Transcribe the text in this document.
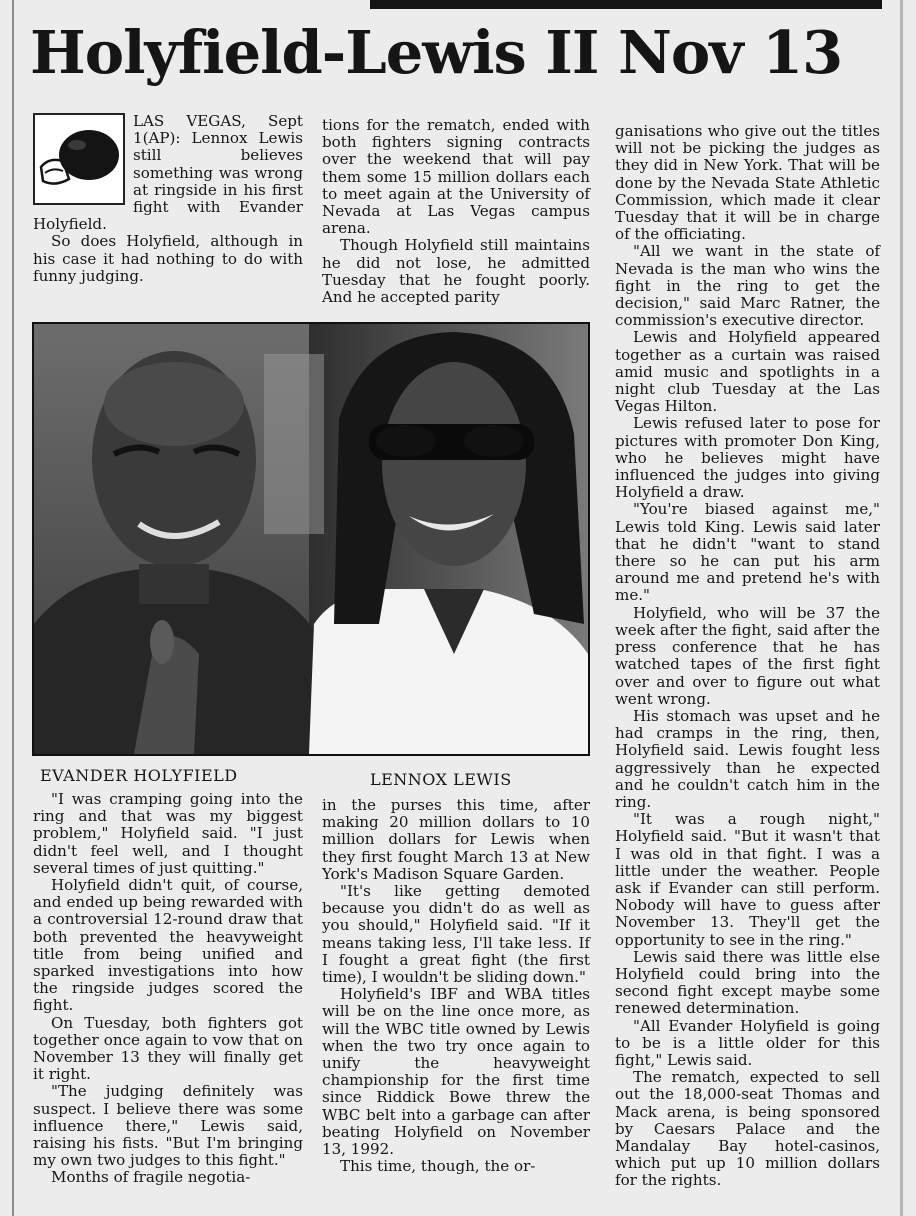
Holyfield-Lewis II Nov 13

LAS VEGAS, Sept 1(AP): Lennox Lewis still believes something was wrong at ringside in his first fight with Evander Holyfield.

So does Holyfield, although in his case it had nothing to do with funny judging.

tions for the rematch, ended with both fighters signing contracts over the weekend that will pay them some 15 million dollars each to meet again at the University of Nevada at Las Vegas campus arena.

Though Holyfield still maintains he did not lose, he admitted Tuesday that he fought poorly. And he accepted parity

ganisations who give out the titles will not be picking the judges as they did in New York. That will be done by the Nevada State Athletic Commission, which made it clear Tuesday that it will be in charge of the officiating.

"All we want in the state of Nevada is the man who wins the fight in the ring to get the decision," said Marc Ratner, the commission's executive director.

Lewis and Holyfield appeared together as a curtain was raised amid music and spotlights in a night club Tuesday at the Las Vegas Hilton.

Lewis refused later to pose for pictures with promoter Don King, who he believes might have influenced the judges into giving Holyfield a draw.

"You're biased against me," Lewis told King. Lewis said later that he didn't "want to stand there so he can put his arm around me and pretend he's with me."

Holyfield, who will be 37 the week after the fight, said after the press conference that he has watched tapes of the first fight over and over to figure out what went wrong.

His stomach was upset and he had cramps in the ring, then, Holyfield said. Lewis fought less aggressively than he expected and he couldn't catch him in the ring.

"It was a rough night," Holyfield said. "But it wasn't that I was old in that fight. I was a little under the weather. People ask if Evander can still perform. Nobody will have to guess after November 13. They'll get the opportunity to see in the ring."

Lewis said there was little else Holyfield could bring into the second fight except maybe some renewed determination.

"All Evander Holyfield is going to be is a little older for this fight," Lewis said.

The rematch, expected to sell out the 18,000-seat Thomas and Mack arena, is being sponsored by Caesars Palace and the Mandalay Bay hotel-casinos, which put up 10 million dollars for the rights.

EVANDER HOLYFIELD	LENNOX LEWIS

"I was cramping going into the ring and that was my biggest problem," Holyfield said. "I just didn't feel well, and I thought several times of just quitting."

Holyfield didn't quit, of course, and ended up being rewarded with a controversial 12-round draw that both prevented the heavyweight title from being unified and sparked investigations into how the ringside judges scored the fight.

On Tuesday, both fighters got together once again to vow that on November 13 they will finally get it right.

"The judging definitely was suspect. I believe there was some influence there," Lewis said, raising his fists. "But I'm bringing my own two judges to this fight."

Months of fragile negotia-

in the purses this time, after making 20 million dollars to 10 million dollars for Lewis when they first fought March 13 at New York's Madison Square Garden.

"It's like getting demoted because you didn't do as well as you should," Holyfield said. "If it means taking less, I'll take less. If I fought a great fight (the first time), I wouldn't be sliding down."

Holyfield's IBF and WBA titles will be on the line once more, as will the WBC title owned by Lewis when the two try once again to unify the heavyweight championship for the first time since Riddick Bowe threw the WBC belt into a garbage can after beating Holyfield on November 13, 1992.

This time, though, the or-
